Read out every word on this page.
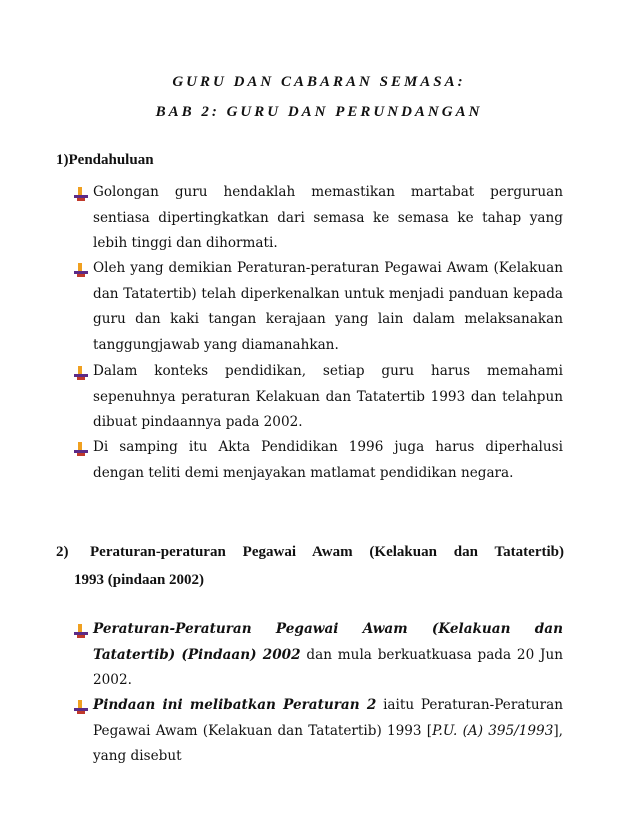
GURU DAN CABARAN SEMASA:
BAB 2: GURU DAN PERUNDANGAN
1)Pendahuluan
Golongan guru hendaklah memastikan martabat perguruan sentiasa dipertingkatkan dari semasa ke semasa ke tahap yang lebih tinggi dan dihormati.
Oleh yang demikian Peraturan-peraturan Pegawai Awam (Kelakuan dan Tatatertib) telah diperkenalkan untuk menjadi panduan kepada guru dan kaki tangan kerajaan yang lain dalam melaksanakan tanggungjawab yang diamanahkan.
Dalam konteks pendidikan, setiap guru harus memahami sepenuhnya peraturan Kelakuan dan Tatatertib 1993 dan telahpun dibuat pindaannya pada 2002.
Di samping itu Akta Pendidikan 1996 juga harus diperhalusi dengan teliti demi menjayakan matlamat pendidikan negara.
2)	Peraturan-peraturan Pegawai Awam (Kelakuan dan Tatatertib)
1993 (pindaan 2002)
Peraturan-Peraturan Pegawai Awam (Kelakuan dan Tatatertib) (Pindaan) 2002 dan mula berkuatkuasa pada 20 Jun 2002.
Pindaan ini melibatkan Peraturan 2 iaitu Peraturan-Peraturan Pegawai Awam (Kelakuan dan Tatatertib) 1993 [P.U. (A) 395/1993], yang disebut
